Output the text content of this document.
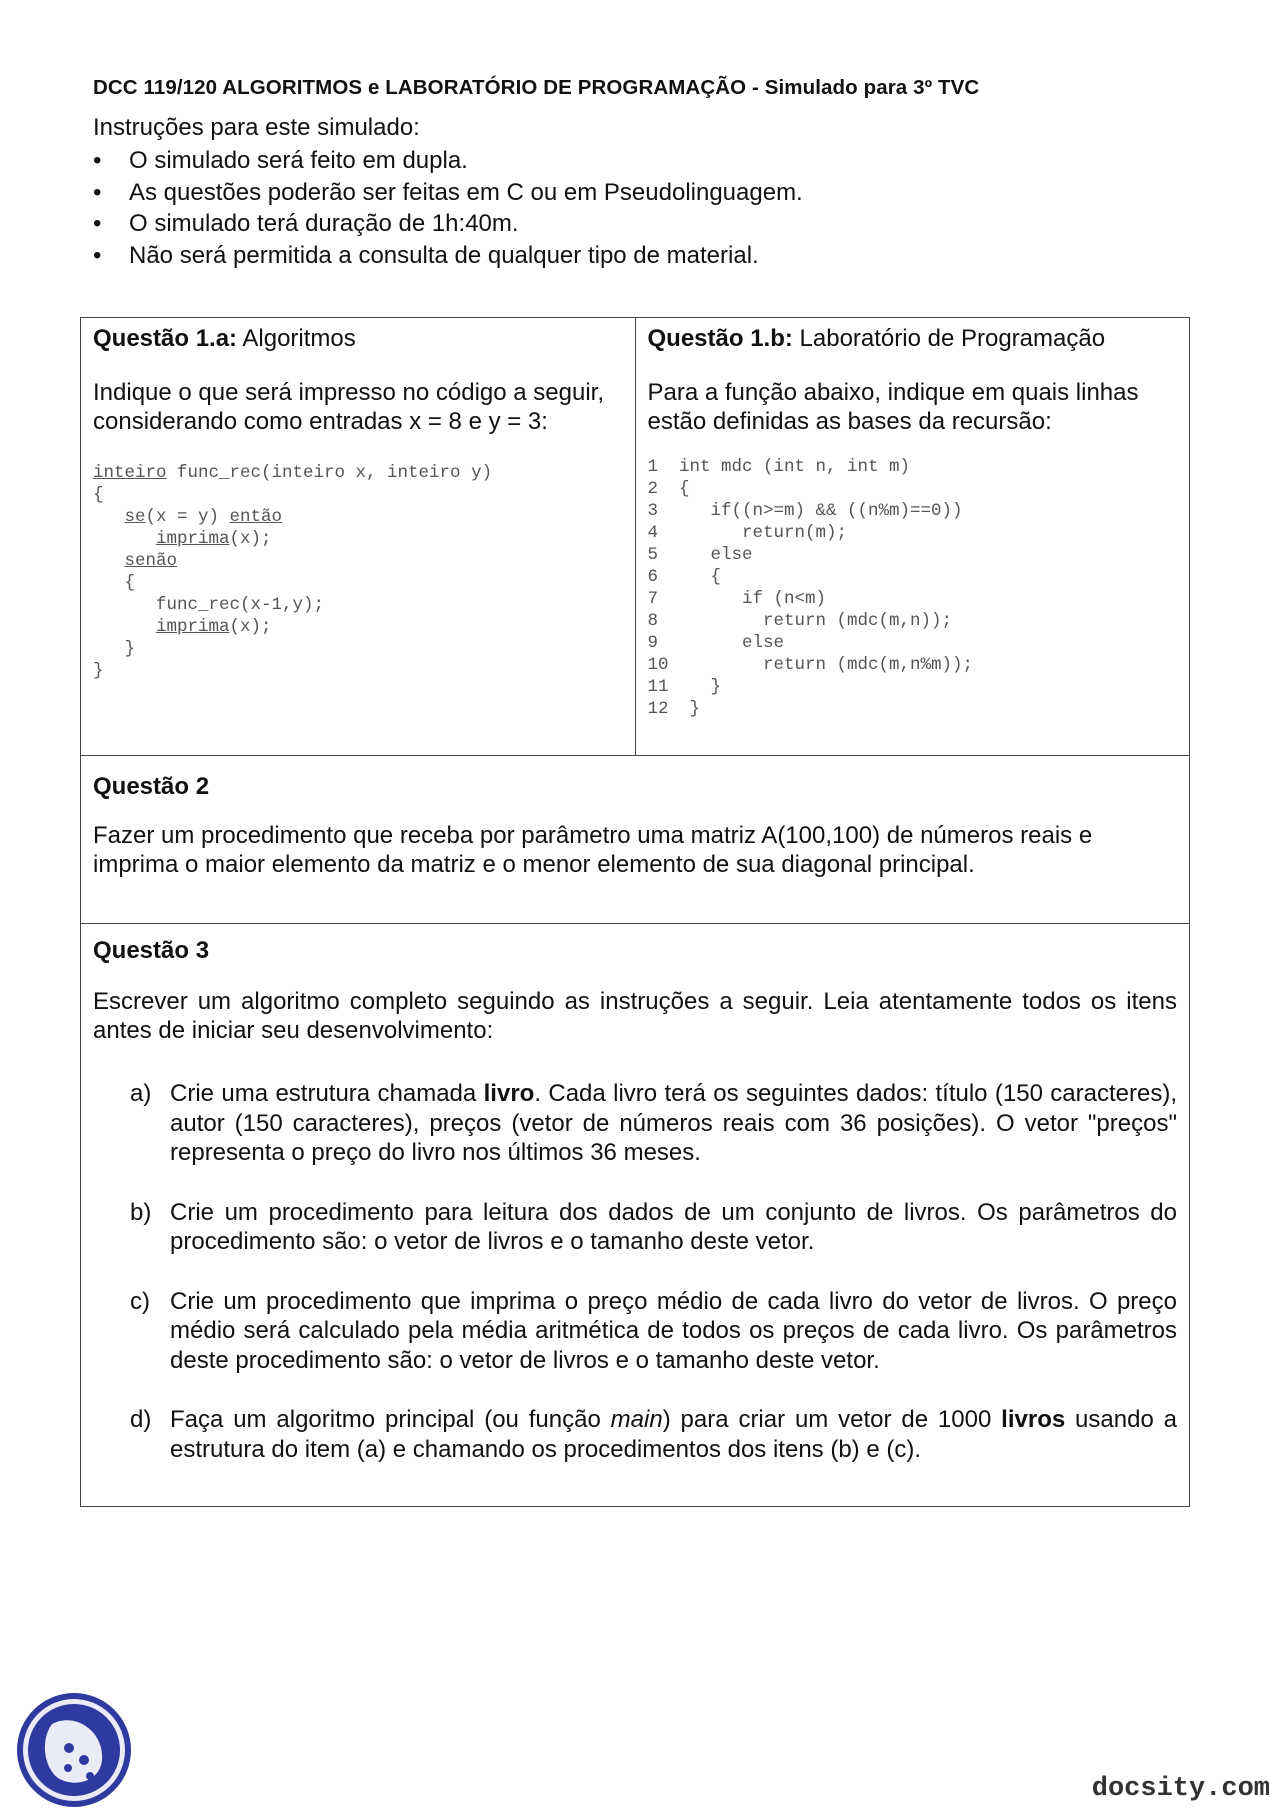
DCC 119/120 ALGORITMOS e LABORATÓRIO DE PROGRAMAÇÃO - Simulado para 3º TVC
Instruções para este simulado:
• O simulado será feito em dupla.
• As questões poderão ser feitas em C ou em Pseudolinguagem.
• O simulado terá duração de 1h:40m.
• Não será permitida a consulta de qualquer tipo de material.
Questão 1.a: Algoritmos

Indique o que será impresso no código a seguir, considerando como entradas x = 8 e y = 3:

inteiro func_rec(inteiro x, inteiro y)
{
se(x = y) então
imprima(x);
senão
{
func_rec(x-1,y);
imprima(x);
}
}

Questão 1.b: Laboratório de Programação

Para a função abaixo, indique em quais linhas estão definidas as bases da recursão:

1  int mdc (int n, int m)
2  {
3     if((n>=m) && ((n%m)==0))
4        return(m);
5     else
6     {
7        if (n<m)
8          return (mdc(m,n));
9        else
10         return (mdc(m,n%m));
11    }
12  }

Questão 2

Fazer um procedimento que receba por parâmetro uma matriz A(100,100) de números reais e imprima o maior elemento da matriz e o menor elemento de sua diagonal principal.

Questão 3

Escrever um algoritmo completo seguindo as instruções a seguir. Leia atentamente todos os itens antes de iniciar seu desenvolvimento:

a) Crie uma estrutura chamada livro. Cada livro terá os seguintes dados: título (150 caracteres), autor (150 caracteres), preços (vetor de números reais com 36 posições). O vetor "preços" representa o preço do livro nos últimos 36 meses.
b) Crie um procedimento para leitura dos dados de um conjunto de livros. Os parâmetros do procedimento são: o vetor de livros e o tamanho deste vetor.
c) Crie um procedimento que imprima o preço médio de cada livro do vetor de livros. O preço médio será calculado pela média aritmética de todos os preços de cada livro. Os parâmetros deste procedimento são: o vetor de livros e o tamanho deste vetor.
d) Faça um algoritmo principal (ou função main) para criar um vetor de 1000 livros usando a estrutura do item (a) e chamando os procedimentos dos itens (b) e (c).
docsity.com
